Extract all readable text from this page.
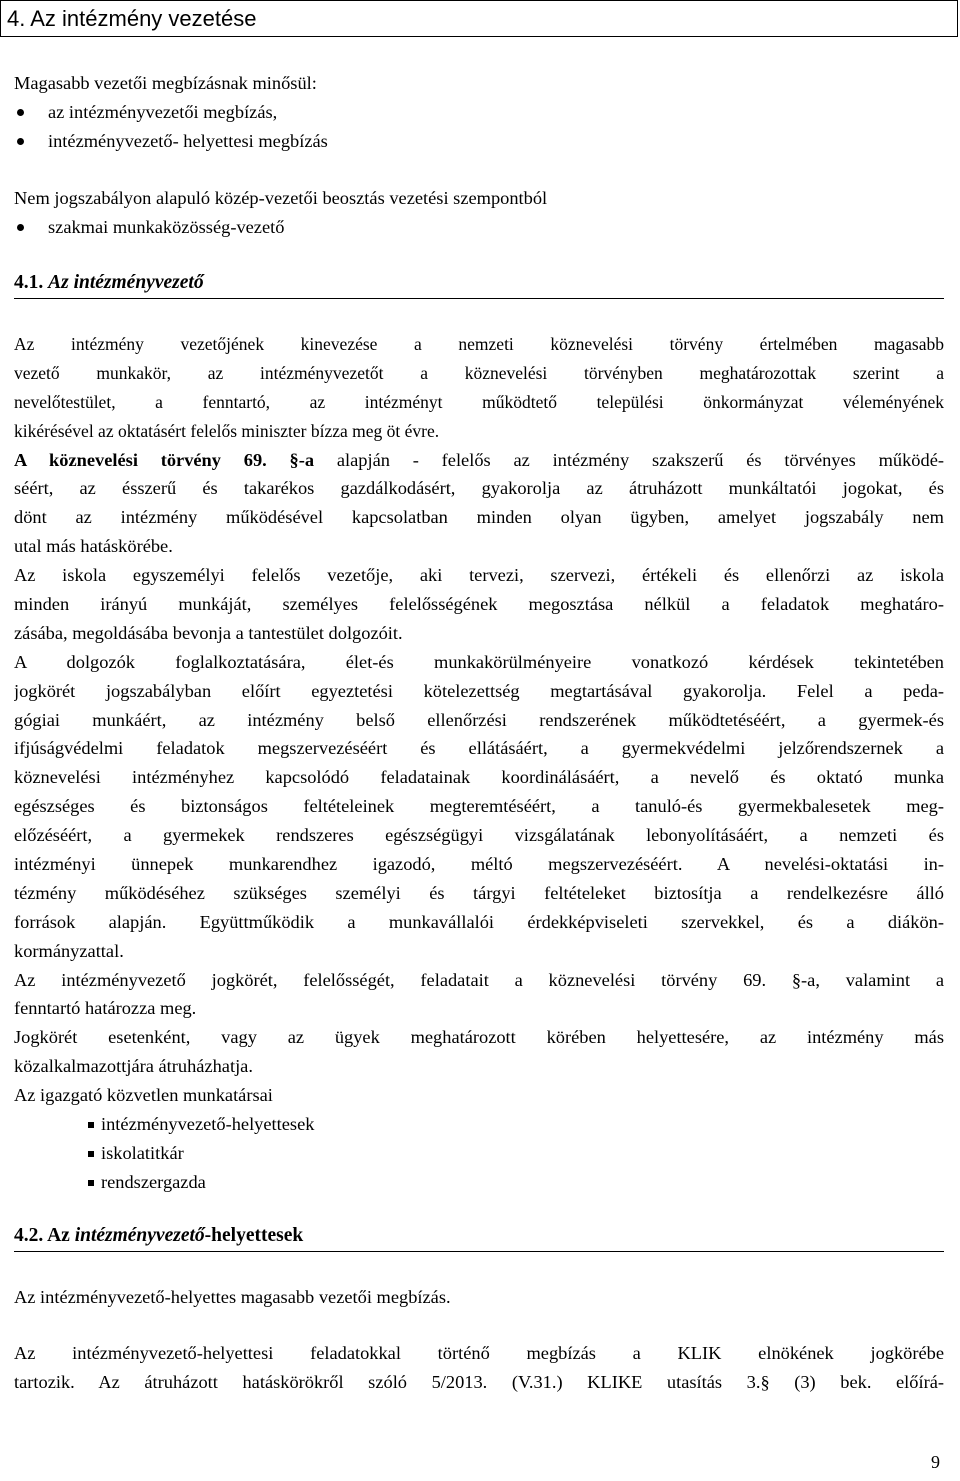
4. Az intézmény vezetése
Magasabb vezetői megbízásnak minősül:
az intézményvezetői megbízás,
intézményvezető- helyettesi megbízás
Nem jogszabályon alapuló közép-vezetői beosztás vezetési szempontból
szakmai munkaközösség-vezető
4.1. Az intézményvezető
Az intézmény vezetőjének kinevezése a nemzeti köznevelési törvény értelmében magasabb
vezető munkakör, az intézményvezetőt a köznevelési törvényben meghatározottak szerint a
nevelőtestület, a fenntartó, az intézményt működtető települési önkormányzat véleményének
kikérésével az oktatásért felelős miniszter bízza meg öt évre.
A köznevelési törvény 69. §-a alapján - felelős az intézmény szakszerű és törvényes működé-
séért, az ésszerű és takarékos gazdálkodásért, gyakorolja az átruházott munkáltatói jogokat, és
dönt az intézmény működésével kapcsolatban minden olyan ügyben, amelyet jogszabály nem
utal más hatáskörébe.
Az iskola egyszemélyi felelős vezetője, aki tervezi, szervezi, értékeli és ellenőrzi az iskola
minden irányú munkáját, személyes felelősségének megosztása nélkül a feladatok meghatáro-
zásába, megoldásába bevonja a tantestület dolgozóit.
A dolgozók foglalkoztatására, élet-és munkakörülményeire vonatkozó kérdések tekintetében
jogkörét jogszabályban előírt egyeztetési kötelezettség megtartásával gyakorolja. Felel a peda-
gógiai munkáért, az intézmény belső ellenőrzési rendszerének működtetéséért, a gyermek-és
ifjúságvédelmi feladatok megszervezéséért és ellátásáért, a gyermekvédelmi jelzőrendszernek a
köznevelési intézményhez kapcsolódó feladatainak koordinálásáért, a nevelő és oktató munka
egészséges és biztonságos feltételeinek megteremtéséért, a tanuló-és gyermekbalesetek meg-
előzéséért, a gyermekek rendszeres egészségügyi vizsgálatának lebonyolításáért, a nemzeti és
intézményi ünnepek munkarendhez igazodó, méltó megszervezéséért. A nevelési-oktatási in-
tézmény működéséhez szükséges személyi és tárgyi feltételeket biztosítja a rendelkezésre álló
források alapján. Együttműködik a munkavállalói érdekképviseleti szervekkel, és a diákön-
kormányzattal.
Az intézményvezető jogkörét, felelősségét, feladatait a köznevelési törvény 69. §-a, valamint a
fenntartó határozza meg.
Jogkörét esetenként, vagy az ügyek meghatározott körében helyettesére, az intézmény más
közalkalmazottjára átruházhatja.
Az igazgató közvetlen munkatársai
intézményvezető-helyettesek
iskolatitkár
rendszergazda
4.2. Az intézményvezető-helyettesek
Az intézményvezető-helyettes magasabb vezetői megbízás.
Az intézményvezető-helyettesi feladatokkal történő megbízás a KLIK elnökének jogkörébe
tartozik. Az átruházott hatáskörökről szóló 5/2013. (V.31.) KLIKE utasítás 3.§ (3) bek. előírá-
9
